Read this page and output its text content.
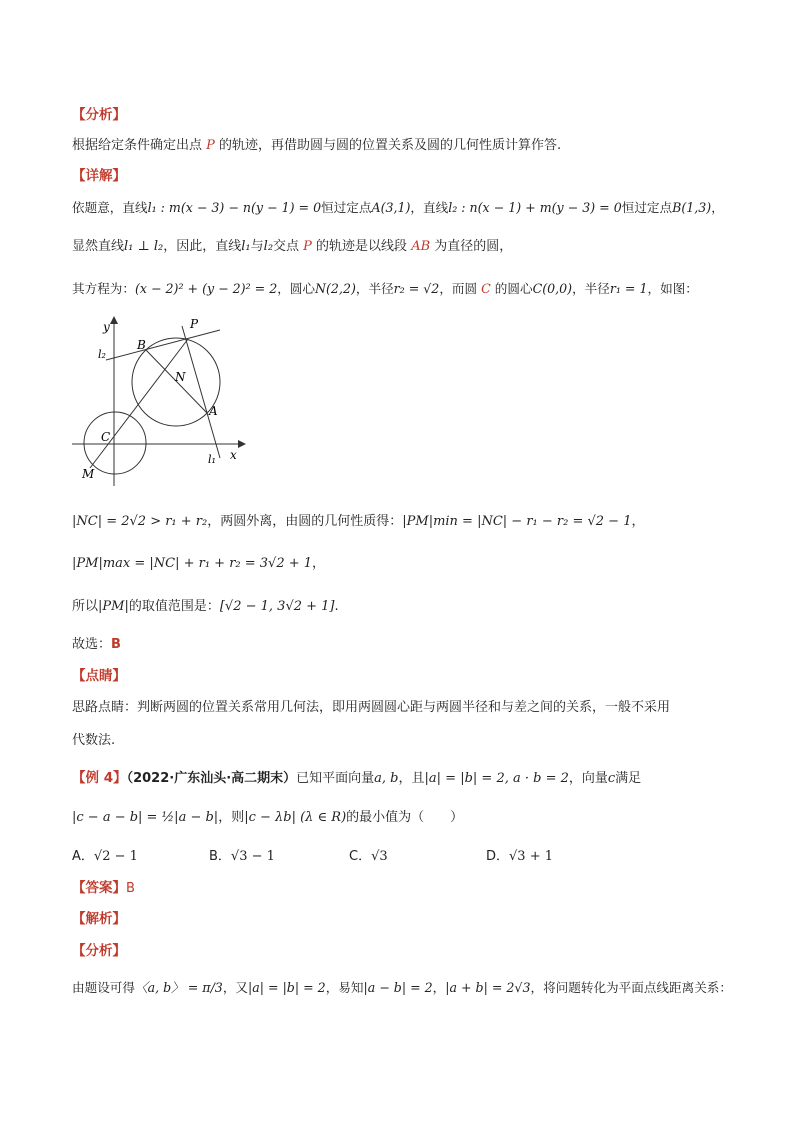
【分析】
根据给定条件确定出点 P 的轨迹，再借助圆与圆的位置关系及圆的几何性质计算作答.
【详解】
依题意，直线l₁ : m(x − 3) − n(y − 1) = 0恒过定点A(3,1)，直线l₂ : n(x − 1) + m(y − 3) = 0恒过定点B(1,3)，
显然直线l₁ ⊥ l₂，因此，直线l₁与l₂交点 P 的轨迹是以线段 AB 为直径的圆，
其方程为：(x − 2)² + (y − 2)² = 2，圆心N(2,2)，半径r₂ = √2，而圆 C 的圆心C(0,0)，半径r₁ = 1，如图：
y
x
P
B
N
A
C
M
l₁
l₂
|NC| = 2√2 > r₁ + r₂，两圆外离，由圆的几何性质得：|PM|min = |NC| − r₁ − r₂ = √2 − 1，
|PM|max = |NC| + r₁ + r₂ = 3√2 + 1，
所以|PM|的取值范围是：[√2 − 1, 3√2 + 1].
故选：B
【点睛】
思路点睛：判断两圆的位置关系常用几何法，即用两圆圆心距与两圆半径和与差之间的关系，一般不采用
代数法.
【例 4】（2022·广东汕头·高二期末）已知平面向量a, b，且|a| = |b| = 2, a · b = 2，向量c满足
|c − a − b| = ½|a − b|，则|c − λb| (λ ∈ R)的最小值为（　　）
A．√2 − 1	B．√3 − 1	C．√3	D．√3 + 1
【答案】B
【解析】
【分析】
由题设可得〈a, b〉 = π/3，又|a| = |b| = 2，易知|a − b| = 2，|a + b| = 2√3，将问题转化为平面点线距离关系：
